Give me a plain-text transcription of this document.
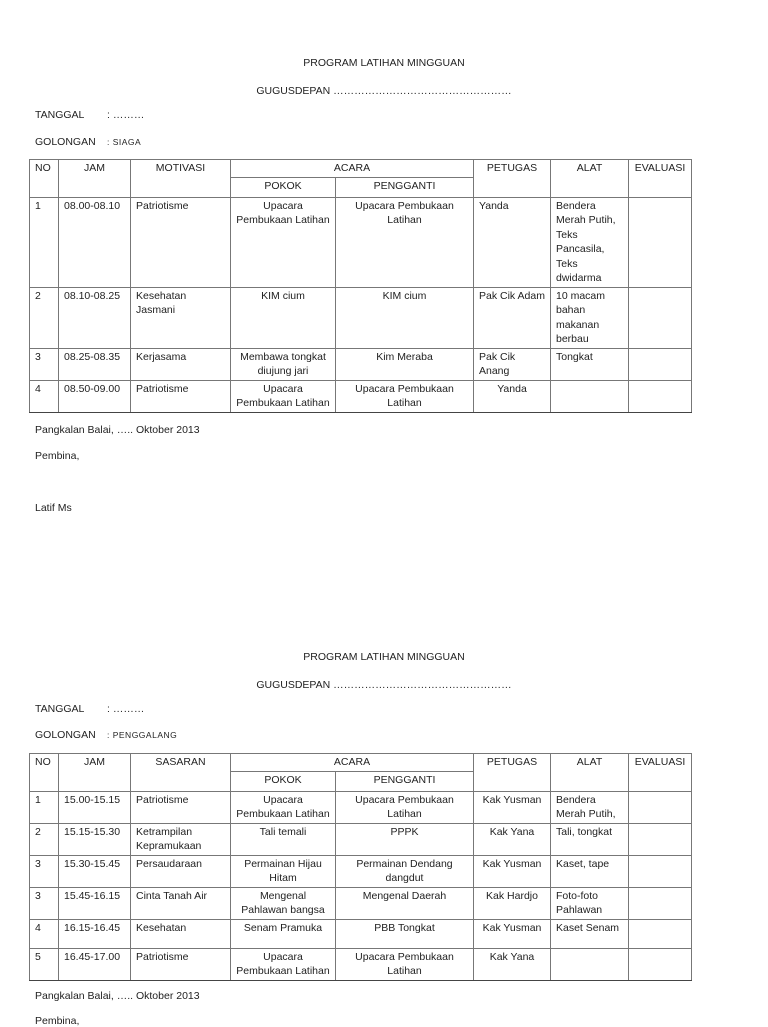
PROGRAM LATIHAN MINGGUAN
GUGUSDEPAN ……………………………………………
TANGGAL : ………
GOLONGAN : SIAGA
NO	JAM	MOTIVASI	ACARA		PETUGAS	ALAT	EVALUASI
			POKOK	PENGGANTI			
1	08.00-08.10	Patriotisme	Upacara Pembukaan Latihan	Upacara Pembukaan Latihan	Yanda	Bendera Merah Putih, Teks Pancasila, Teks dwidarma	
2	08.10-08.25	Kesehatan Jasmani	KIM cium	KIM cium	Pak Cik Adam	10 macam bahan makanan berbau	
3	08.25-08.35	Kerjasama	Membawa tongkat diujung jari	Kim Meraba	Pak Cik Anang	Tongkat	
4	08.50-09.00	Patriotisme	Upacara Pembukaan Latihan	Upacara Pembukaan Latihan	Yanda		
Pangkalan Balai, ….. Oktober 2013
Pembina,
Latif Ms
PROGRAM LATIHAN MINGGUAN
GUGUSDEPAN ……………………………………………
TANGGAL : ………
GOLONGAN : PENGGALANG
NO	JAM	SASARAN	ACARA		PETUGAS	ALAT	EVALUASI
			POKOK	PENGGANTI			
1	15.00-15.15	Patriotisme	Upacara Pembukaan Latihan	Upacara Pembukaan Latihan	Kak Yusman	Bendera Merah Putih,	
2	15.15-15.30	Ketrampilan Kepramukaan	Tali temali	PPPK	Kak Yana	Tali, tongkat	
3	15.30-15.45	Persaudaraan	Permainan Hijau Hitam	Permainan Dendang dangdut	Kak Yusman	Kaset, tape	
3	15.45-16.15	Cinta Tanah Air	Mengenal Pahlawan bangsa	Mengenal Daerah	Kak Hardjo	Foto-foto Pahlawan	
4	16.15-16.45	Kesehatan	Senam Pramuka	PBB Tongkat	Kak Yusman	Kaset Senam	
5	16.45-17.00	Patriotisme	Upacara Pembukaan Latihan	Upacara Pembukaan Latihan	Kak Yana		
Pangkalan Balai, ….. Oktober 2013
Pembina,
